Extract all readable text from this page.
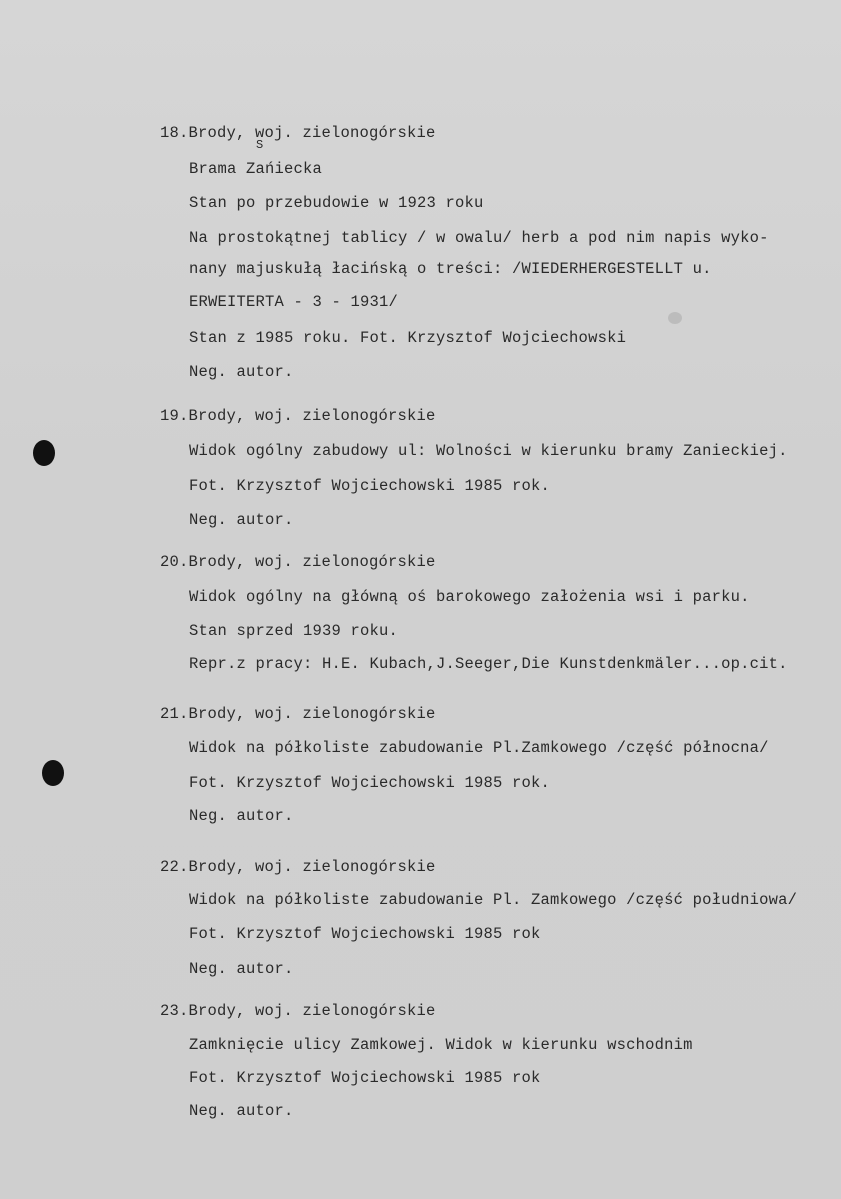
18.Brody, woj. zielonogórskie
S
Brama Zańiecka
Stan po przebudowie w 1923 roku
Na prostokątnej tablicy / w owalu/ herb a pod nim napis wyko-
nany majuskułą łacińską o treści: /WIEDERHERGESTELLT u.
ERWEITERTA - 3 - 1931/
Stan z 1985 roku. Fot. Krzysztof Wojciechowski
Neg. autor.
19.Brody, woj. zielonogórskie
Widok ogólny zabudowy ul: Wolności w kierunku bramy Zanieckiej.
Fot. Krzysztof Wojciechowski 1985 rok.
Neg. autor.
20.Brody, woj. zielonogórskie
Widok ogólny na główną oś barokowego założenia wsi i parku.
Stan sprzed 1939 roku.
Repr.z pracy: H.E. Kubach,J.Seeger,Die Kunstdenkmäler...op.cit.
21.Brody, woj. zielonogórskie
Widok na półkoliste zabudowanie Pl.Zamkowego /część północna/
Fot. Krzysztof Wojciechowski 1985 rok.
Neg. autor.
22.Brody, woj. zielonogórskie
Widok na półkoliste zabudowanie Pl. Zamkowego /część południowa/
Fot. Krzysztof Wojciechowski 1985 rok
Neg. autor.
23.Brody, woj. zielonogórskie
Zamknięcie ulicy Zamkowej. Widok w kierunku wschodnim
Fot. Krzysztof Wojciechowski 1985 rok
Neg. autor.
